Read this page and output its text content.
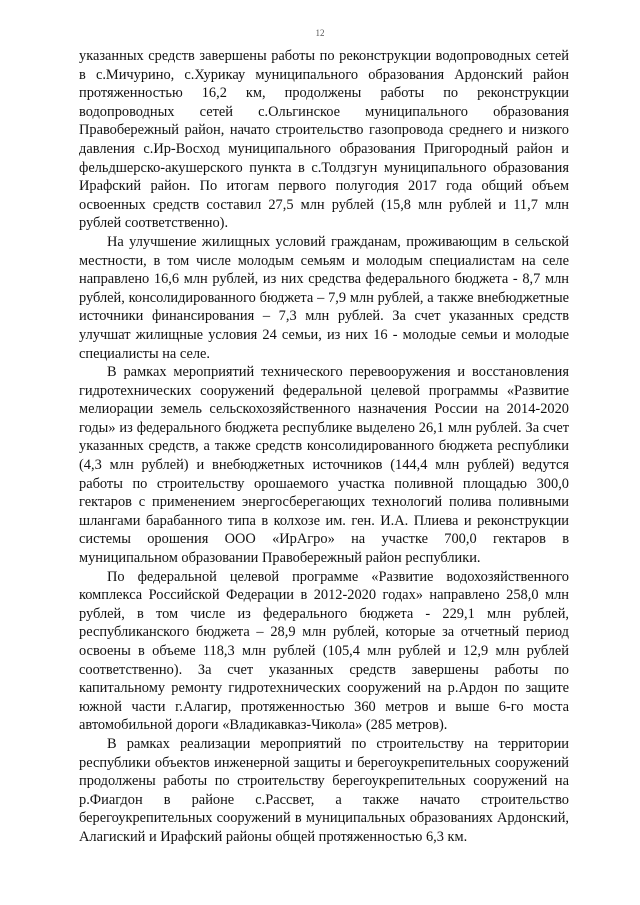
12

указанных средств завершены работы по реконструкции водопроводных сетей в с.Мичурино, с.Хурикау муниципального образования Ардонский район протяженностью 16,2 км, продолжены работы по реконструкции водопроводных сетей с.Ольгинское муниципального образования Правобережный район, начато строительство газопровода среднего и низкого давления с.Ир-Восход муниципального образования Пригородный район и фельдшерско-акушерского пункта в с.Толдзгун муниципального образования Ирафский район. По итогам первого полугодия 2017 года общий объем освоенных средств составил 27,5 млн рублей (15,8 млн рублей и 11,7 млн рублей соответственно).

На улучшение жилищных условий гражданам, проживающим в сельской местности, в том числе молодым семьям и молодым специалистам на селе направлено 16,6 млн рублей, из них средства федерального бюджета - 8,7 млн рублей, консолидированного бюджета – 7,9 млн рублей, а также внебюджетные источники финансирования – 7,3 млн рублей. За счет указанных средств улучшат жилищные условия 24 семьи, из них 16 - молодые семьи и молодые специалисты на селе.

В рамках мероприятий технического перевооружения и восстановления гидротехнических сооружений федеральной целевой программы «Развитие мелиорации земель сельскохозяйственного назначения России на 2014-2020 годы» из федерального бюджета республике выделено 26,1 млн рублей. За счет указанных средств, а также средств консолидированного бюджета республики (4,3 млн рублей) и внебюджетных источников (144,4 млн рублей) ведутся работы по строительству орошаемого участка поливной площадью 300,0 гектаров с применением энергосберегающих технологий полива поливными шлангами барабанного типа в колхозе им. ген. И.А. Плиева и реконструкции системы орошения ООО «ИрАгро» на участке 700,0 гектаров в муниципальном образовании Правобережный район республики.

По федеральной целевой программе «Развитие водохозяйственного комплекса Российской Федерации в 2012-2020 годах» направлено 258,0 млн рублей, в том числе из федерального бюджета - 229,1 млн рублей, республиканского бюджета – 28,9 млн рублей, которые за отчетный период освоены в объеме 118,3 млн рублей (105,4 млн рублей и 12,9 млн рублей соответственно). За счет указанных средств завершены работы по капитальному ремонту гидротехнических сооружений на р.Ардон по защите южной части г.Алагир, протяженностью 360 метров и выше 6-го моста автомобильной дороги «Владикавказ-Чикола» (285 метров).

В рамках реализации мероприятий по строительству на территории республики объектов инженерной защиты и берегоукрепительных сооружений продолжены работы по строительству берегоукрепительных сооружений на р.Фиагдон в районе с.Рассвет, а также начато строительство берегоукрепительных сооружений в муниципальных образованиях Ардонский, Алагиский и Ирафский районы общей протяженностью 6,3 км.
